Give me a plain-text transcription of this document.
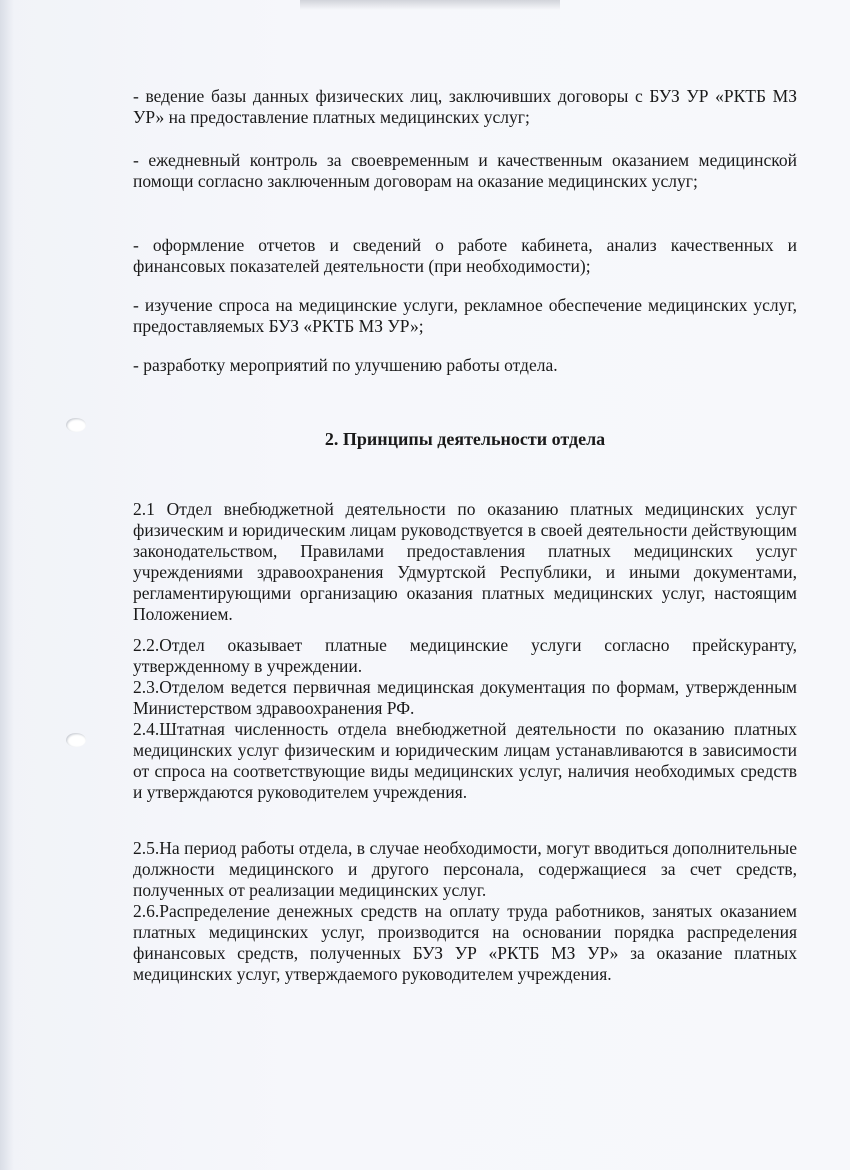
- ведение базы данных физических лиц, заключивших договоры с БУЗ УР «РКТБ МЗ УР» на предоставление платных медицинских услуг;

- ежедневный контроль за своевременным и качественным оказанием медицинской помощи согласно заключенным договорам на оказание медицинских услуг;

- оформление отчетов и сведений о работе кабинета, анализ качественных и финансовых показателей деятельности (при необходимости);

- изучение спроса на медицинские услуги, рекламное обеспечение медицинских услуг, предоставляемых БУЗ «РКТБ МЗ УР»;

- разработку мероприятий по улучшению работы отдела.

2. Принципы деятельности отдела

2.1 Отдел внебюджетной деятельности по оказанию платных медицинских услуг физическим и юридическим лицам руководствуется в своей деятельности действующим законодательством, Правилами предоставления платных медицинских услуг учреждениями здравоохранения Удмуртской Республики, и иными документами, регламентирующими организацию оказания платных медицинских услуг, настоящим Положением.

2.2.Отдел оказывает платные медицинские услуги согласно прейскуранту, утвержденному в учреждении.

2.3.Отделом ведется первичная медицинская документация по формам, утвержденным Министерством здравоохранения РФ.

2.4.Штатная численность отдела внебюджетной деятельности по оказанию платных медицинских услуг физическим и юридическим лицам устанавливаются в зависимости от спроса на соответствующие виды медицинских услуг, наличия необходимых средств и утверждаются руководителем учреждения.

2.5.На период работы отдела, в случае необходимости, могут вводиться дополнительные должности медицинского и другого персонала, содержащиеся за счет средств, полученных от реализации медицинских услуг.

2.6.Распределение денежных средств на оплату труда работников, занятых оказанием платных медицинских услуг, производится на основании порядка распределения финансовых средств, полученных БУЗ УР «РКТБ МЗ УР» за оказание платных медицинских услуг, утверждаемого руководителем учреждения.
